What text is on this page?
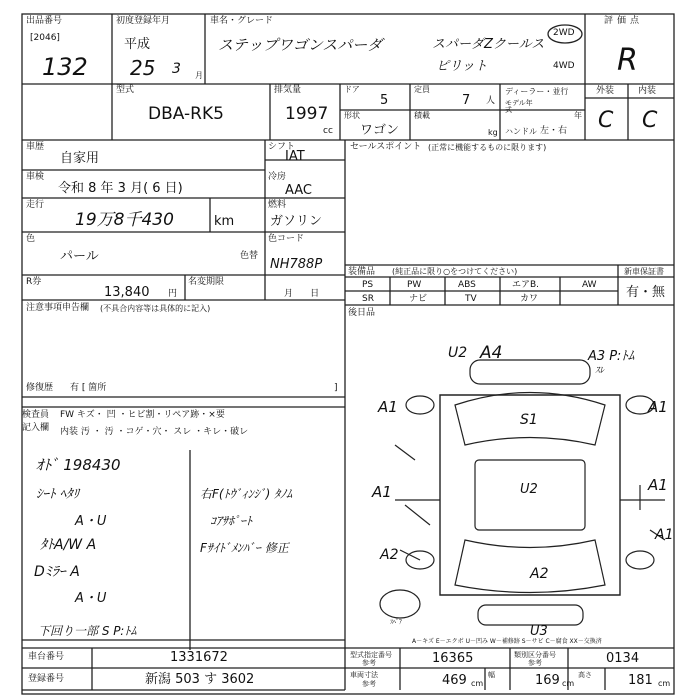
出品番号
[2046]
132
初度登録年月
平成
25 3 月
車名・グレード
ステップワゴンスパーダ	スパーダZクールス
ピリット
2WD
4WD
評価点
R
外装	内装
C C
型式
DBA-RK5
排気量
1997
cc
ドア
5
定員
7 人
ディーラー・並行
モデル年式
年
形状
ワゴン
積載
kg ハンドル 左・右
車歴
自家用
車検
令和 8 年 3 月( 6 日)
走行
19万8千430	km
色
パール	色替
R券
13,840 円
名変期限
月      日
注意事項申告欄 (不具合内容等は具体的に記入)
修復歴 有 [ 箇所	]
シフト
IAT
冷房
AAC
燃料
ガソリン
色コード
NH788P
セールスポイント (正常に機能するものに限ります)
装備品 (純正品に限り○をつけてください)
PS	PW	ABS	エアB.	AW
SR	ナビ	TV	カワ
新車保証書
有・無
後日品
検査員
記入欄
FW キズ・ 凹 ・ヒビ割・リペア跡・×要
内装 汚 ・ 汚 ・コゲ・穴・ スレ ・キレ・破レ
ｵﾄﾞ 198430
ｼｰﾄ ﾍﾀﾘ
A・U
ﾀﾄA/W A
Dﾐﾗｰ A
A・U
下回り一部 S P:ﾄﾑ
右F(ﾄｳﾞｨﾝｼﾞ) ﾀﾉﾑ
ｺｱｻﾎﾟｰﾄ
Fｻｲﾄﾞﾒﾝﾊﾞｰ 修正
U2 A4	A3 P:ﾄﾑ
ｽﾚ
A1	A1
S1
A1	U2	A1
A1
A2
A2
U3
ｽﾍﾟｱ
A－キズ E－エクボ U－凹み W－補修跡 S－サビ C－腐食 XX－交換済
車台番号	1331672
登録番号	新潟 503 す 3602
型式指定番号
参考	16365	類別区分番号
参考	0134
車両寸法
参考	469 cm
幅	169 cm
高さ	181 cm
